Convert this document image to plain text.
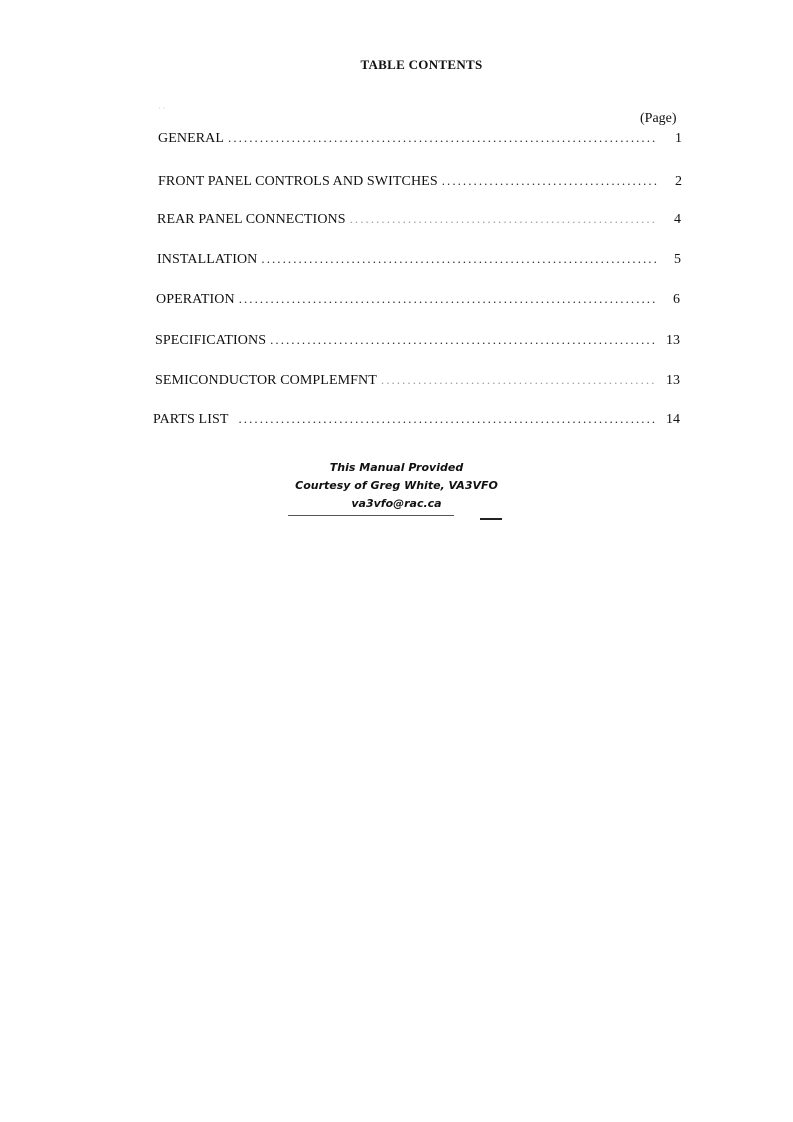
TABLE CONTENTS
· ·
(Page)
GENERAL . . .	1
FRONT PANEL CONTROLS AND SWITCHES . . .	2
REAR PANEL CONNECTIONS . . .	4
INSTALLATION . . .	5
OPERATION . . .	6
SPECIFICATIONS . . .	13
SEMICONDUCTOR COMPLEMFNT . . .	13
PARTS LIST . . .	14
This Manual Provided
Courtesy of Greg White, VA3VFO
va3vfo@rac.ca
